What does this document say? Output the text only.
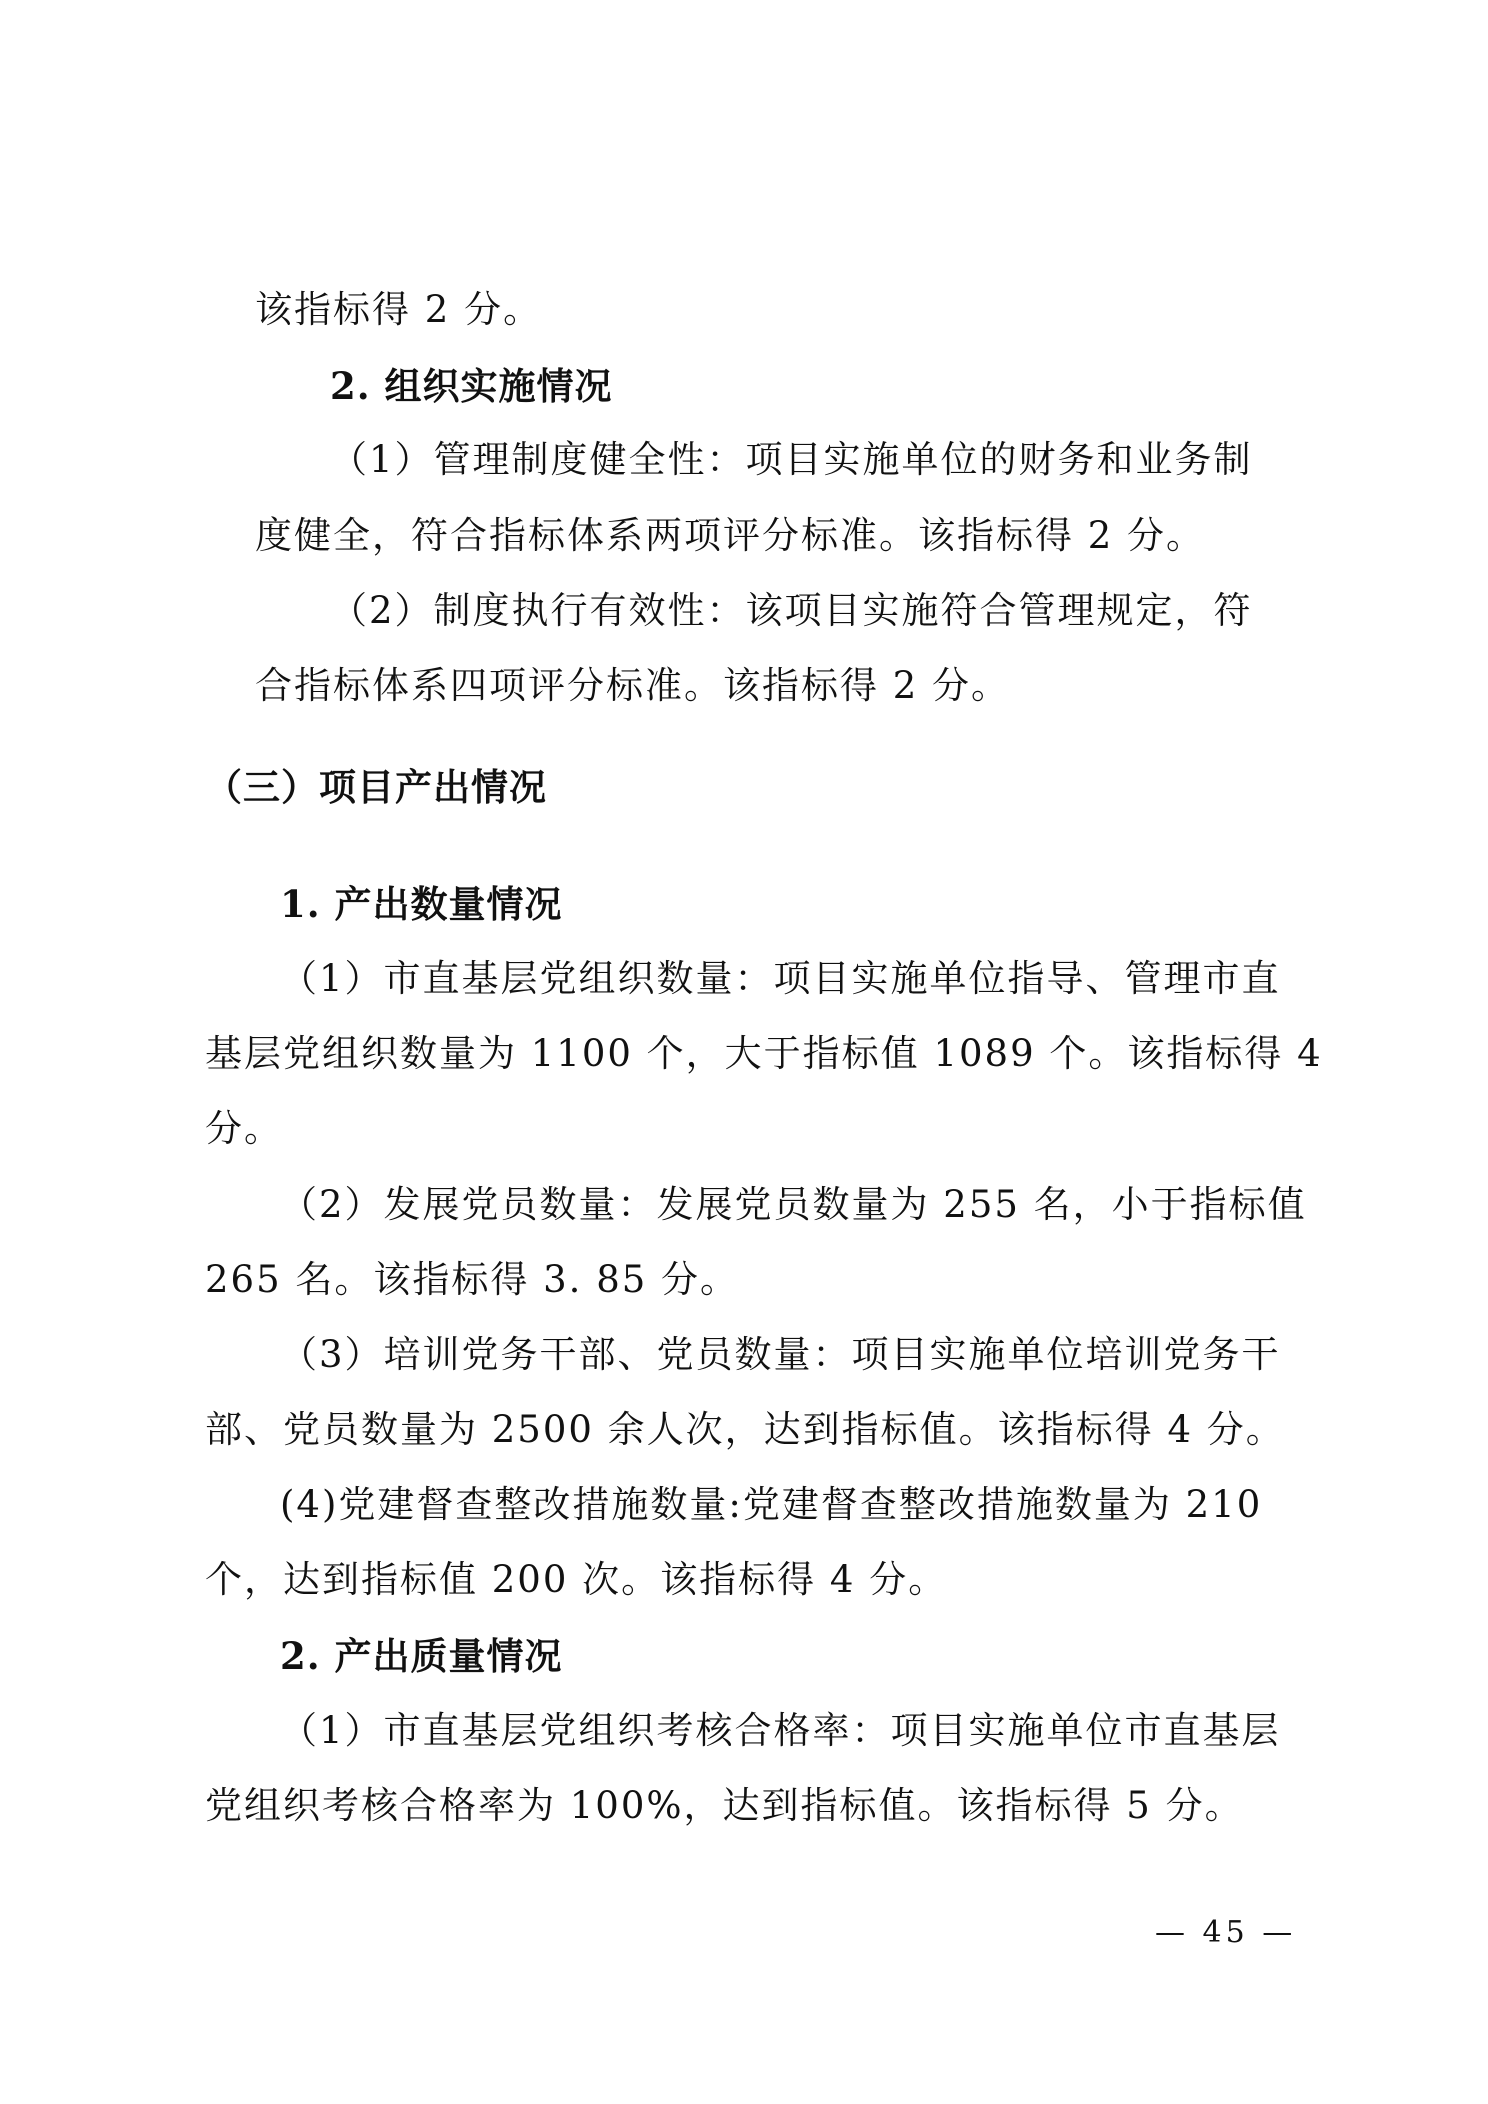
该指标得 2 分。
2. 组织实施情况
（1）管理制度健全性：项目实施单位的财务和业务制
度健全，符合指标体系两项评分标准。该指标得 2 分。
（2）制度执行有效性：该项目实施符合管理规定，符
合指标体系四项评分标准。该指标得 2 分。
（三）项目产出情况
1. 产出数量情况
（1）市直基层党组织数量：项目实施单位指导、管理市直
基层党组织数量为 1100 个，大于指标值 1089 个。该指标得 4
分。
（2）发展党员数量：发展党员数量为 255 名，小于指标值
265 名。该指标得 3. 85 分。
（3）培训党务干部、党员数量：项目实施单位培训党务干
部、党员数量为 2500 余人次，达到指标值。该指标得 4 分。
(4)党建督查整改措施数量:党建督查整改措施数量为 210
个，达到指标值 200 次。该指标得 4 分。
2. 产出质量情况
（1）市直基层党组织考核合格率：项目实施单位市直基层
党组织考核合格率为 100%，达到指标值。该指标得 5 分。
— 45 —
